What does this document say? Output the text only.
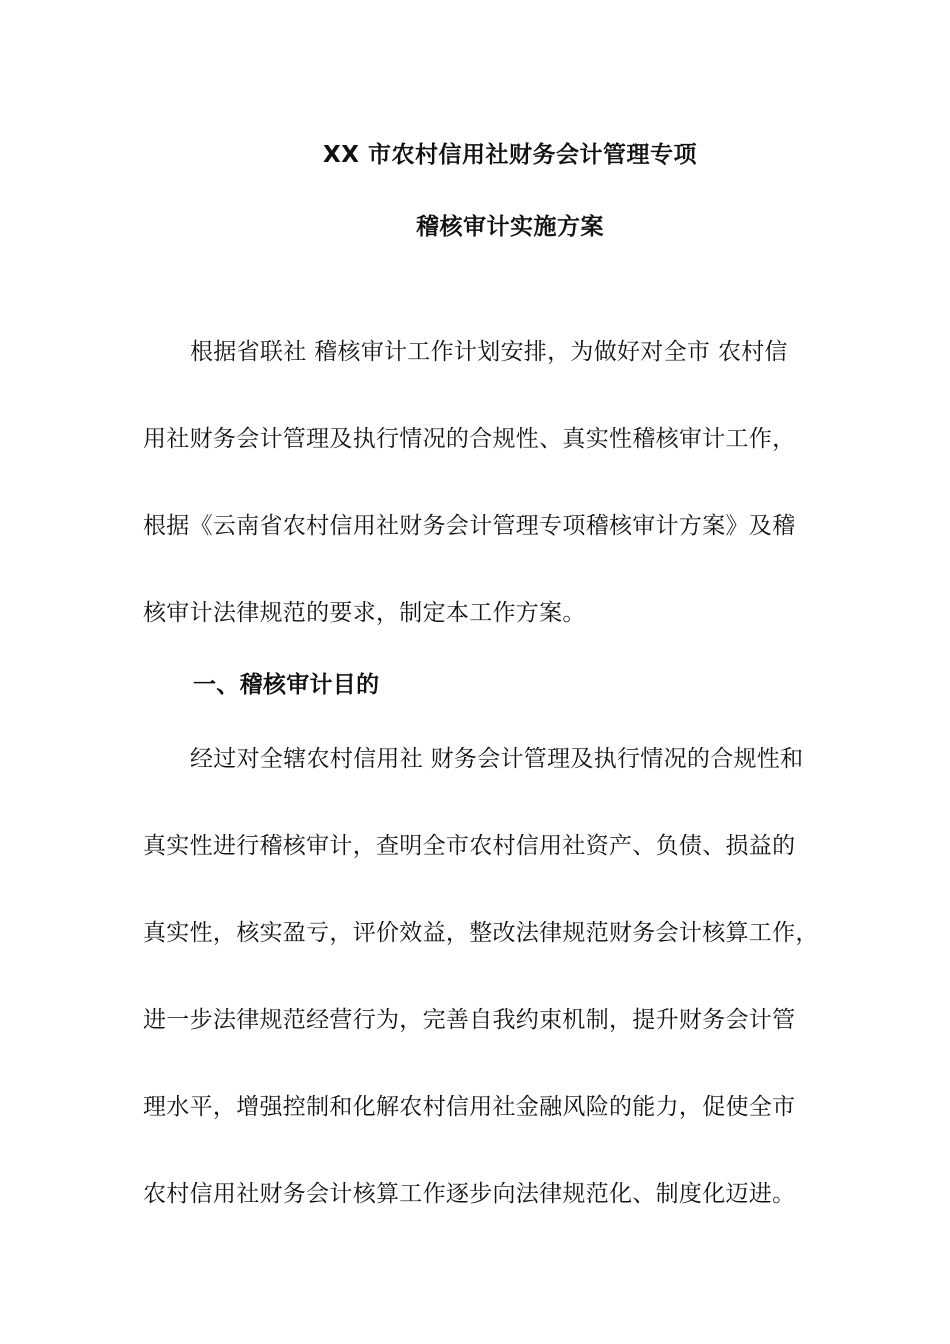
XX 市农村信用社财务会计管理专项
稽核审计实施方案
根据省联社 稽核审计工作计划安排，为做好对全市 农村信
用社财务会计管理及执行情况的合规性、真实性稽核审计工作，
根据《云南省农村信用社财务会计管理专项稽核审计方案》及稽
核审计法律规范的要求，制定本工作方案。
一、稽核审计目的
经过对全辖农村信用社 财务会计管理及执行情况的合规性和
真实性进行稽核审计，查明全市农村信用社资产、负债、损益的
真实性，核实盈亏，评价效益，整改法律规范财务会计核算工作，
进一步法律规范经营行为，完善自我约束机制，提升财务会计管
理水平，增强控制和化解农村信用社金融风险的能力，促使全市
农村信用社财务会计核算工作逐步向法律规范化、制度化迈进。
